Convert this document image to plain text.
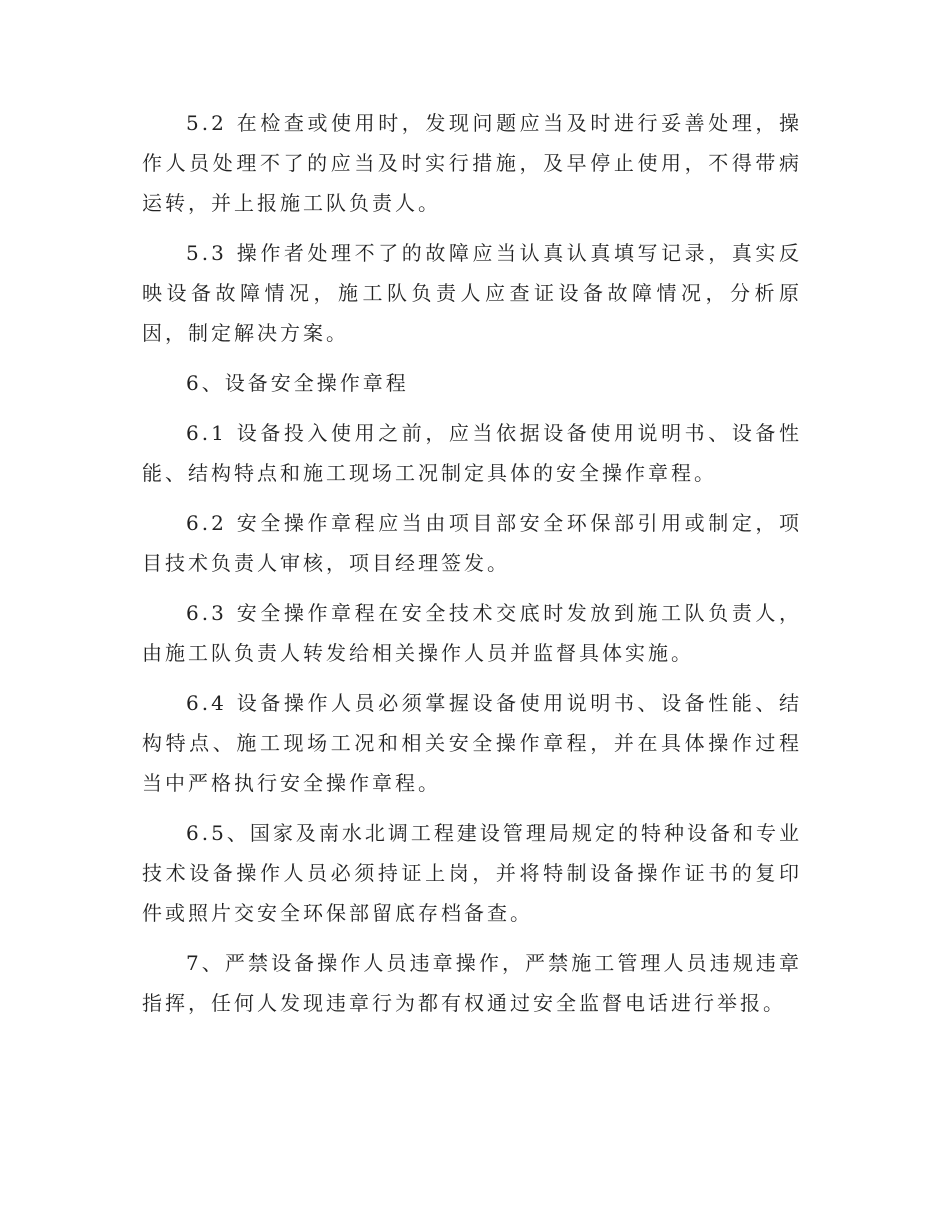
5.2 在检查或使用时，发现问题应当及时进行妥善处理，操作人员处理不了的应当及时实行措施，及早停止使用，不得带病运转，并上报施工队负责人。

5.3 操作者处理不了的故障应当认真认真填写记录，真实反映设备故障情况，施工队负责人应查证设备故障情况，分析原因，制定解决方案。

6、设备安全操作章程

6.1 设备投入使用之前，应当依据设备使用说明书、设备性能、结构特点和施工现场工况制定具体的安全操作章程。

6.2 安全操作章程应当由项目部安全环保部引用或制定，项目技术负责人审核，项目经理签发。

6.3 安全操作章程在安全技术交底时发放到施工队负责人，由施工队负责人转发给相关操作人员并监督具体实施。

6.4 设备操作人员必须掌握设备使用说明书、设备性能、结构特点、施工现场工况和相关安全操作章程，并在具体操作过程当中严格执行安全操作章程。

6.5、国家及南水北调工程建设管理局规定的特种设备和专业技术设备操作人员必须持证上岗，并将特制设备操作证书的复印件或照片交安全环保部留底存档备查。

7、严禁设备操作人员违章操作，严禁施工管理人员违规违章指挥，任何人发现违章行为都有权通过安全监督电话进行举报。
